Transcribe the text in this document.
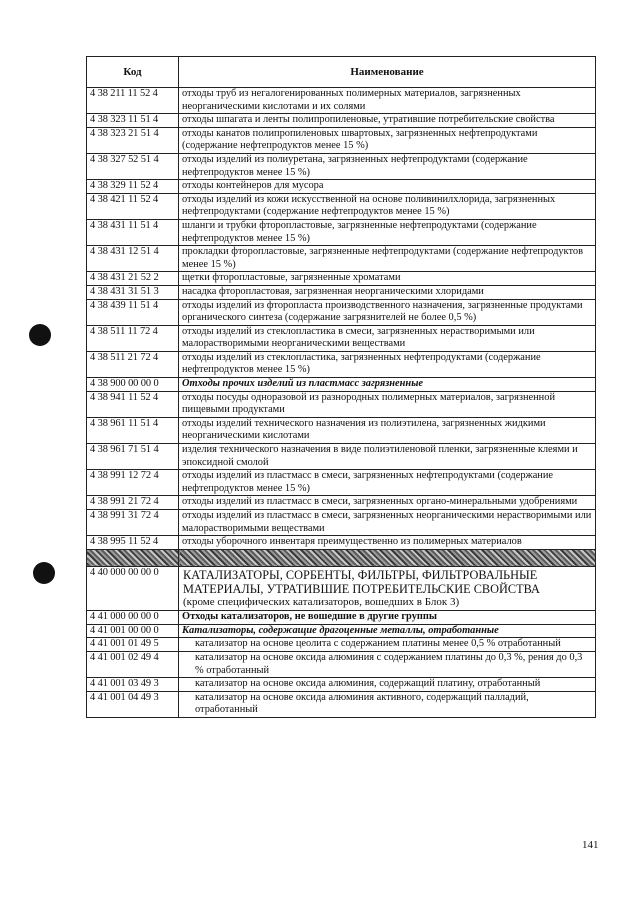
Код	Наименование
4 38 211 11 52 4	отходы труб из негалогенированных полимерных материалов, загрязненных неорганическими кислотами и их солями
4 38 323 11 51 4	отходы шпагата и ленты полипропиленовые, утратившие потребительские свойства
4 38 323 21 51 4	отходы канатов полипропиленовых швартовых, загрязненных нефтепродуктами (содержание нефтепродуктов менее 15 %)
4 38 327 52 51 4	отходы изделий из полиуретана, загрязненных нефтепродуктами (содержание нефтепродуктов менее 15 %)
4 38 329 11 52 4	отходы контейнеров для мусора
4 38 421 11 52 4	отходы изделий из кожи искусственной на основе поливинилхлорида, загрязненных нефтепродуктами (содержание нефтепродуктов менее 15 %)
4 38 431 11 51 4	шланги и трубки фторопластовые, загрязненные нефтепродуктами (содержание нефтепродуктов менее 15 %)
4 38 431 12 51 4	прокладки фторопластовые, загрязненные нефтепродуктами (содержание нефтепродуктов менее 15 %)
4 38 431 21 52 2	щетки фторопластовые, загрязненные хроматами
4 38 431 31 51 3	насадка фторопластовая, загрязненная неорганическими хлоридами
4 38 439 11 51 4	отходы изделий из фторопласта производственного назначения, загрязненные продуктами органического синтеза (содержание загрязнителей не более 0,5 %)
4 38 511 11 72 4	отходы изделий из стеклопластика в смеси, загрязненных нерастворимыми или малорастворимыми неорганическими веществами
4 38 511 21 72 4	отходы изделий из стеклопластика, загрязненных нефтепродуктами (содержание нефтепродуктов менее 15 %)
4 38 900 00 00 0	Отходы прочих изделий из пластмасс загрязненные
4 38 941 11 52 4	отходы посуды одноразовой из разнородных полимерных материалов, загрязненной пищевыми продуктами
4 38 961 11 51 4	отходы изделий технического назначения из полиэтилена, загрязненных жидкими неорганическими кислотами
4 38 961 71 51 4	изделия технического назначения в виде полиэтиленовой пленки, загрязненные клеями и эпоксидной смолой
4 38 991 12 72 4	отходы изделий из пластмасс в смеси, загрязненных нефтепродуктами (содержание нефтепродуктов менее 15 %)
4 38 991 21 72 4	отходы изделий из пластмасс в смеси, загрязненных органо-минеральными удобрениями
4 38 991 31 72 4	отходы изделий из пластмасс в смеси, загрязненных неорганическими нерастворимыми или малорастворимыми веществами
4 38 995 11 52 4	отходы уборочного инвентаря преимущественно из полимерных материалов

4 40 000 00 00 0	КАТАЛИЗАТОРЫ, СОРБЕНТЫ, ФИЛЬТРЫ, ФИЛЬТРОВАЛЬНЫЕ МАТЕРИАЛЫ, УТРАТИВШИЕ ПОТРЕБИТЕЛЬСКИЕ СВОЙСТВА
(кроме специфических катализаторов, вошедших в Блок 3)

4 41 000 00 00 0	Отходы катализаторов, не вошедшие в другие группы
4 41 001 00 00 0	Катализаторы, содержащие драгоценные металлы, отработанные
4 41 001 01 49 5	катализатор на основе цеолита с содержанием платины менее 0,5 % отработанный
4 41 001 02 49 4	катализатор на основе оксида алюминия с содержанием платины до 0,3 %, рения до 0,3 % отработанный
4 41 001 03 49 3	катализатор на основе оксида алюминия, содержащий платину, отработанный
4 41 001 04 49 3	катализатор на основе оксида алюминия активного, содержащий палладий, отработанный
141
